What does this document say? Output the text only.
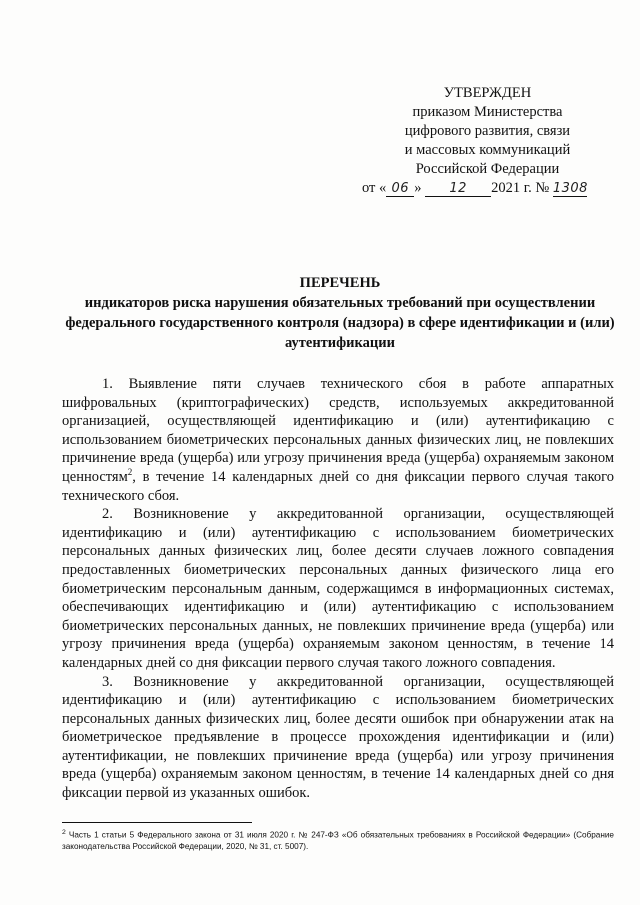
УТВЕРЖДЕН
приказом Министерства
цифрового развития, связи
и массовых коммуникаций
Российской Федерации
от « 06 » 12 2021 г. № 1308
ПЕРЕЧЕНЬ
индикаторов риска нарушения обязательных требований при осуществлении федерального государственного контроля (надзора) в сфере идентификации и (или) аутентификации

1. Выявление пяти случаев технического сбоя в работе аппаратных шифровальных (криптографических) средств, используемых аккредитованной организацией, осуществляющей идентификацию и (или) аутентификацию с использованием биометрических персональных данных физических лиц, не повлекших причинение вреда (ущерба) или угрозу причинения вреда (ущерба) охраняемым законом ценностям$^2$, в течение 14 календарных дней со дня фиксации первого случая такого технического сбоя.

2. Возникновение у аккредитованной организации, осуществляющей идентификацию и (или) аутентификацию с использованием биометрических персональных данных физических лиц, более десяти случаев ложного совпадения предоставленных биометрических персональных данных физического лица его биометрическим персональным данным, содержащимся в информационных системах, обеспечивающих идентификацию и (или) аутентификацию с использованием биометрических персональных данных, не повлекших причинение вреда (ущерба) или угрозу причинения вреда (ущерба) охраняемым законом ценностям, в течение 14 календарных дней со дня фиксации первого случая такого ложного совпадения.

3. Возникновение у аккредитованной организации, осуществляющей идентификацию и (или) аутентификацию с использованием биометрических персональных данных физических лиц, более десяти ошибок при обнаружении атак на биометрическое предъявление в процессе прохождения идентификации и (или) аутентификации, не повлекших причинение вреда (ущерба) или угрозу причинения вреда (ущерба) охраняемым законом ценностям, в течение 14 календарных дней со дня фиксации первой из указанных ошибок.

$^2$ Часть 1 статьи 5 Федерального закона от 31 июля 2020 г. № 247-ФЗ «Об обязательных требованиях в Российской Федерации» (Собрание законодательства Российской Федерации, 2020, № 31, ст. 5007).
